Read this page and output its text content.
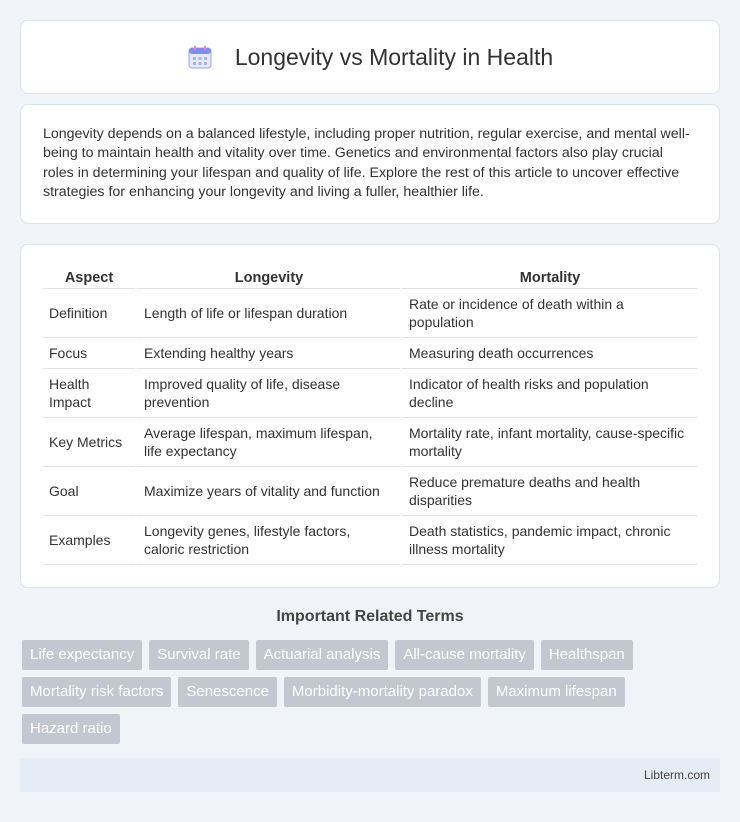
Longevity vs Mortality in Health

Longevity depends on a balanced lifestyle, including proper nutrition, regular exercise, and mental well-being to maintain health and vitality over time. Genetics and environmental factors also play crucial roles in determining your lifespan and quality of life. Explore the rest of this article to uncover effective strategies for enhancing your longevity and living a fuller, healthier life.

Aspect	Longevity	Mortality
Definition	Length of life or lifespan duration	Rate or incidence of death within a population
Focus	Extending healthy years	Measuring death occurrences
Health Impact	Improved quality of life, disease prevention	Indicator of health risks and population decline
Key Metrics	Average lifespan, maximum lifespan, life expectancy	Mortality rate, infant mortality, cause-specific mortality
Goal	Maximize years of vitality and function	Reduce premature deaths and health disparities
Examples	Longevity genes, lifestyle factors, caloric restriction	Death statistics, pandemic impact, chronic illness mortality
Important Related Terms
Life expectancy	Survival rate	Actuarial analysis	All-cause mortality	Healthspan
Mortality risk factors	Senescence	Morbidity-mortality paradox	Maximum lifespan
Hazard ratio
Libterm.com
